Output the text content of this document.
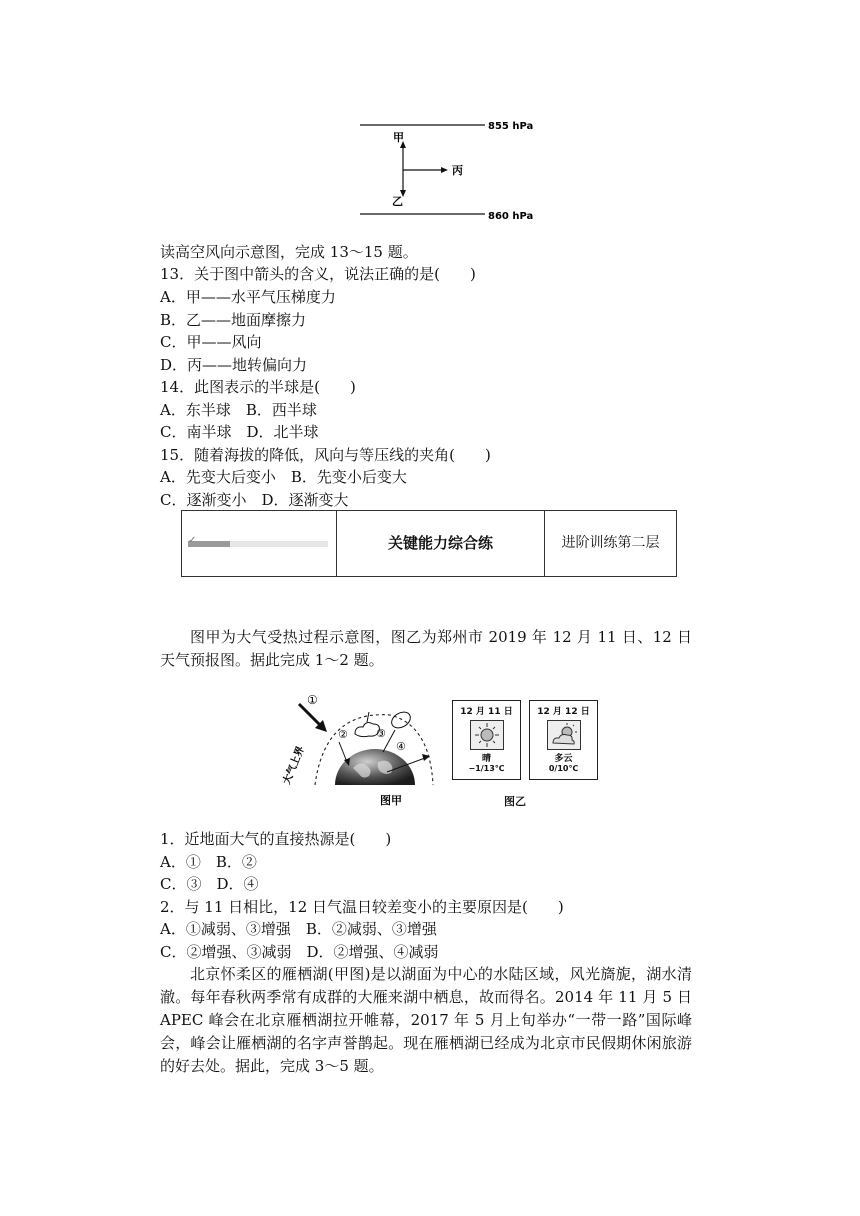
855 hPa
860 hPa
甲
乙
丙
读高空风向示意图，完成 13～15 题。
13．关于图中箭头的含义，说法正确的是(　　)
A．甲——水平气压梯度力
B．乙——地面摩擦力
C．甲——风向
D．丙——地转偏向力
14．此图表示的半球是(　　)
A．东半球　B．西半球
C．南半球　D．北半球
15．随着海拔的降低，风向与等压线的夹角(　　)
A．先变大后变小　B．先变小后变大
C．逐渐变小　D．逐渐变大
✓	关键能力综合练	进阶训练第二层
图甲为大气受热过程示意图，图乙为郑州市 2019 年 12 月 11 日、12 日天气预报图。据此完成 1～2 题。
大气上界
①
②	③
④
图甲
12 月 11 日
晴
−1/13℃
12 月 12 日
多云
0/10℃
图乙
1．近地面大气的直接热源是(　　)
A．①　B．②
C．③　D．④
2．与 11 日相比，12 日气温日较差变小的主要原因是(　　)
A．①减弱、③增强　B．②减弱、③增强
C．②增强、③减弱　D．②增强、④减弱
北京怀柔区的雁栖湖(甲图)是以湖面为中心的水陆区域，风光旖旎，湖水清澈。每年春秋两季常有成群的大雁来湖中栖息，故而得名。2014 年 11 月 5 日 APEC 峰会在北京雁栖湖拉开帷幕，2017 年 5 月上旬举办“一带一路”国际峰会，峰会让雁栖湖的名字声誉鹊起。现在雁栖湖已经成为北京市民假期休闲旅游的好去处。据此，完成 3～5 题。
